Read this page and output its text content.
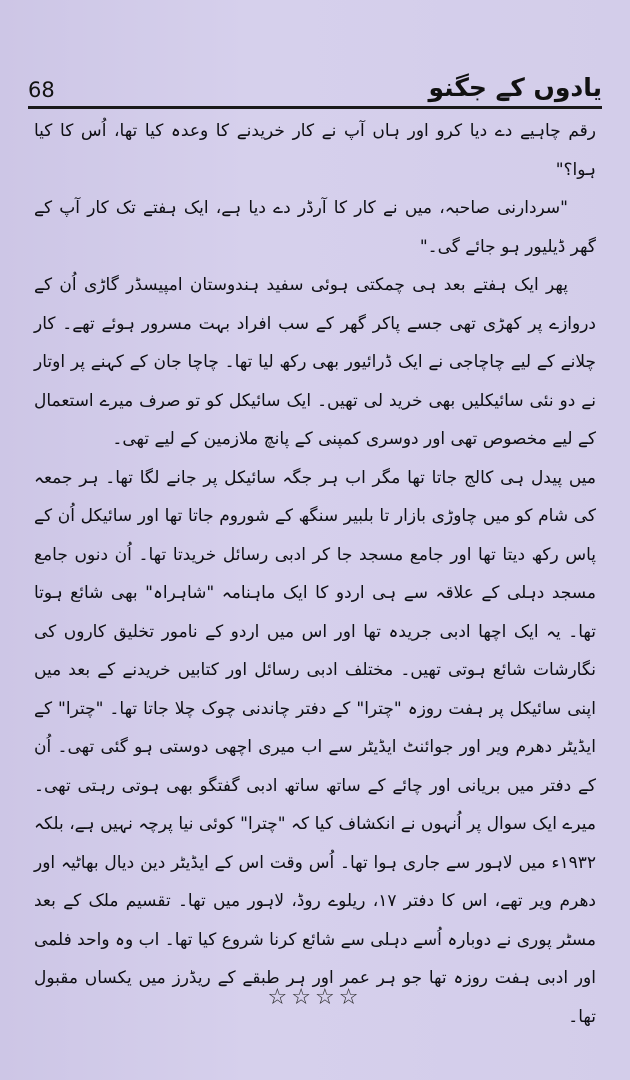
68	یادوں کے جگنو

رقم چاہیے دے دیا کرو اور ہاں آپ نے کار خریدنے کا وعدہ کیا تھا، اُس کا کیا ہوا؟"

"سردارنی صاحبہ، میں نے کار کا آرڈر دے دیا ہے، ایک ہفتے تک کار آپ کے گھر ڈیلیور ہو جائے گی۔"

پھر ایک ہفتے بعد ہی چمکتی ہوئی سفید ہندوستان امپیسڈر گاڑی اُن کے دروازے پر کھڑی تھی جسے پاکر گھر کے سب افراد بہت مسرور ہوئے تھے۔ کار چلانے کے لیے چاچاجی نے ایک ڈرائیور بھی رکھ لیا تھا۔ چاچا جان کے کہنے پر اوتار نے دو نئی سائیکلیں بھی خرید لی تھیں۔ ایک سائیکل کو تو صرف میرے استعمال کے لیے مخصوص تھی اور دوسری کمپنی کے پانچ ملازمین کے لیے تھی۔

میں پیدل ہی کالج جاتا تھا مگر اب ہر جگہ سائیکل پر جانے لگا تھا۔ ہر جمعہ کی شام کو میں چاوڑی بازار تا بلبیر سنگھ کے شوروم جاتا تھا اور سائیکل اُن کے پاس رکھ دیتا تھا اور جامع مسجد جا کر ادبی رسائل خریدتا تھا۔ اُن دنوں جامع مسجد دہلی کے علاقہ سے ہی اردو کا ایک ماہنامہ "شاہراہ" بھی شائع ہوتا تھا۔ یہ ایک اچھا ادبی جریدہ تھا اور اس میں اردو کے نامور تخلیق کاروں کی نگارشات شائع ہوتی تھیں۔ مختلف ادبی رسائل اور کتابیں خریدنے کے بعد میں اپنی سائیکل پر ہفت روزہ "چترا" کے دفتر چاندنی چوک چلا جاتا تھا۔ "چترا" کے ایڈیٹر دھرم ویر اور جوائنٹ ایڈیٹر سے اب میری اچھی دوستی ہو گئی تھی۔ اُن کے دفتر میں بریانی اور چائے کے ساتھ ساتھ ادبی گفتگو بھی ہوتی رہتی تھی۔ میرے ایک سوال پر اُنہوں نے انکشاف کیا کہ "چترا" کوئی نیا پرچہ نہیں ہے، بلکہ ۱۹۳۲ء میں لاہور سے جاری ہوا تھا۔ اُس وقت اس کے ایڈیٹر دین دیال بھاٹیہ اور دھرم ویر تھے، اس کا دفتر ۱۷، ریلوے روڈ، لاہور میں تھا۔ تقسیم ملک کے بعد مسٹر پوری نے دوبارہ اُسے دہلی سے شائع کرنا شروع کیا تھا۔ اب وہ واحد فلمی اور ادبی ہفت روزہ تھا جو ہر عمر اور ہر طبقے کے ریڈرز میں یکساں مقبول تھا۔

☆☆☆☆
